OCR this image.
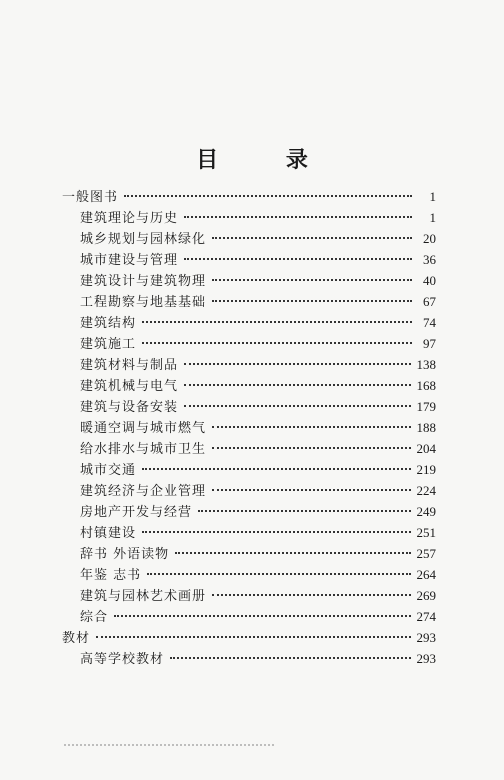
目 录
一般图书	1
建筑理论与历史	1
城乡规划与园林绿化	20
城市建设与管理	36
建筑设计与建筑物理	40
工程勘察与地基基础	67
建筑结构	74
建筑施工	97
建筑材料与制品	138
建筑机械与电气	168
建筑与设备安装	179
暖通空调与城市燃气	188
给水排水与城市卫生	204
城市交通	219
建筑经济与企业管理	224
房地产开发与经营	249
村镇建设	251
辞书 外语读物	257
年鉴 志书	264
建筑与园林艺术画册	269
综合	274
教材	293
高等学校教材	293
